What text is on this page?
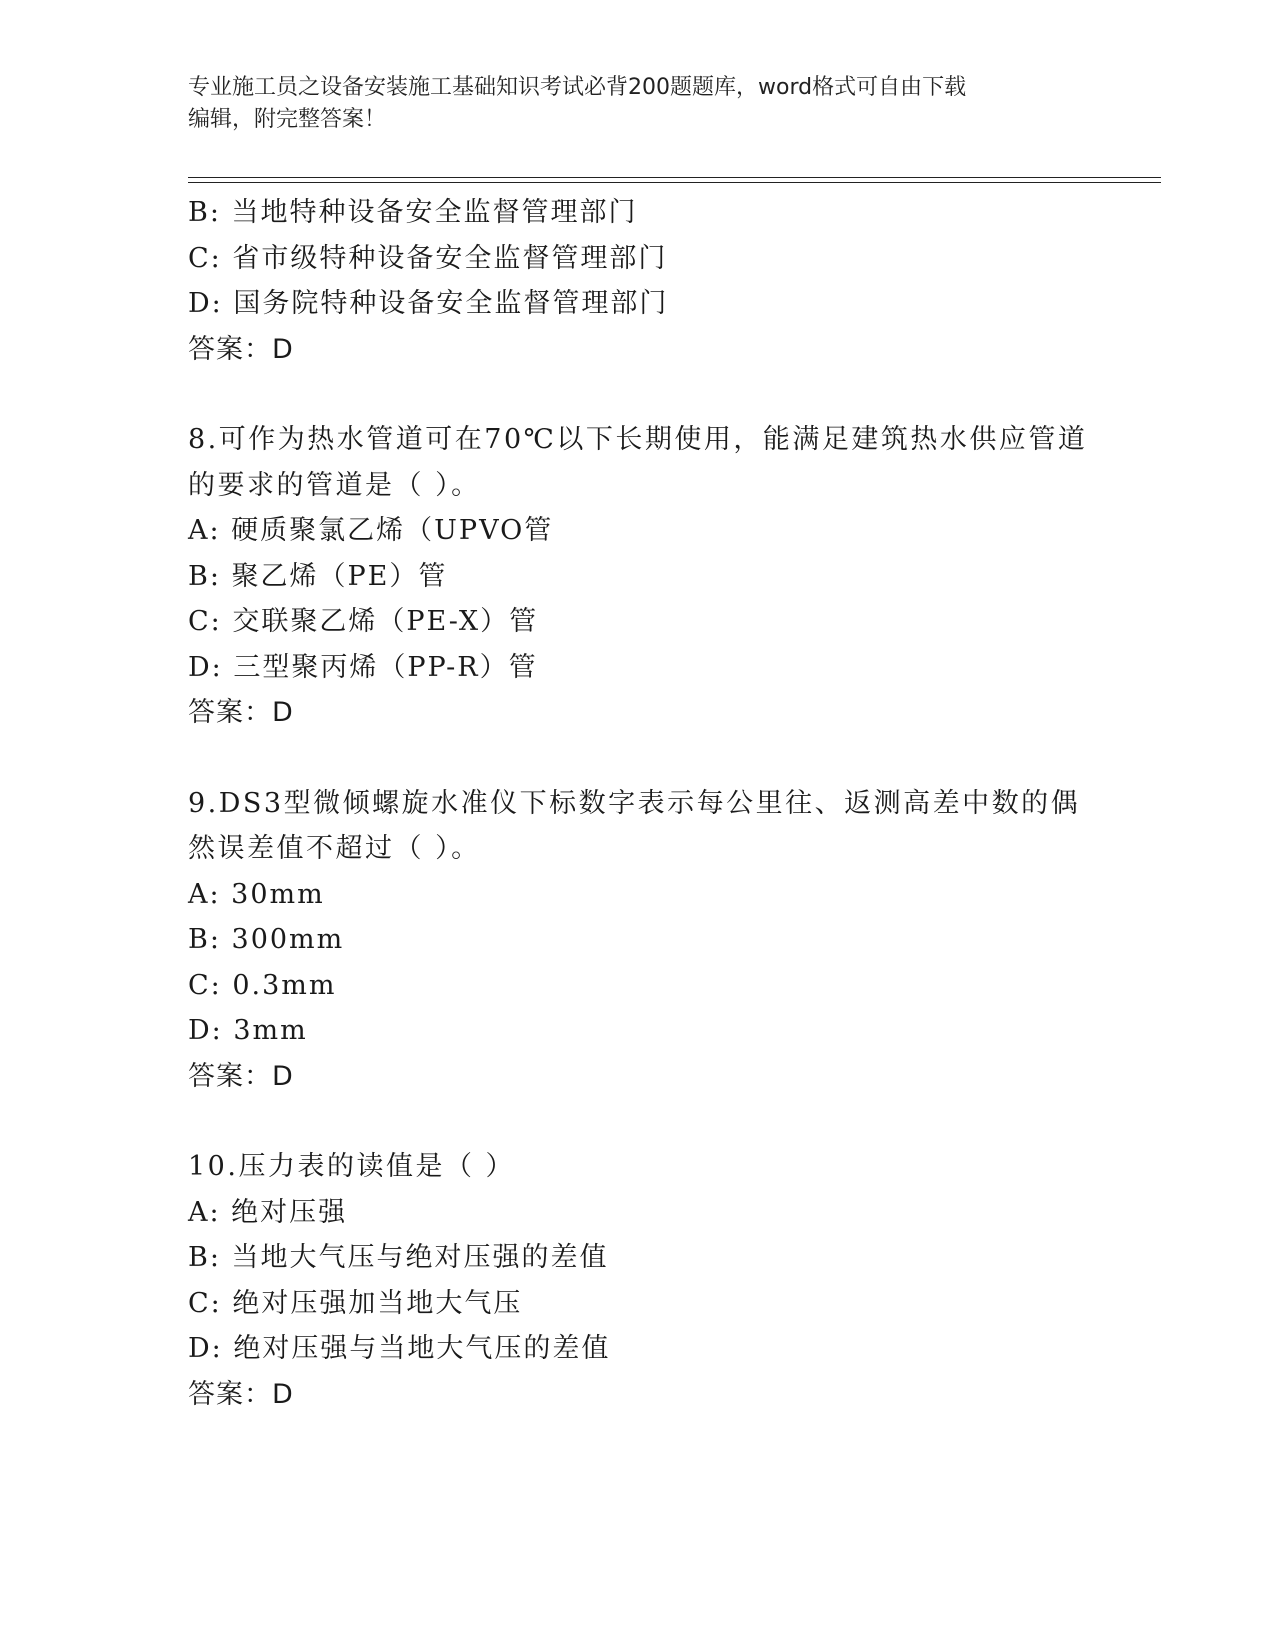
专业施工员之设备安装施工基础知识考试必背200题题库，word格式可自由下载
编辑，附完整答案！
B: 当地特种设备安全监督管理部门
C: 省市级特种设备安全监督管理部门
D: 国务院特种设备安全监督管理部门
答案：D
8.可作为热水管道可在70℃以下长期使用，能满足建筑热水供应管道的要求的管道是（ ）。
A: 硬质聚氯乙烯（UPVO管
B: 聚乙烯（PE）管
C: 交联聚乙烯（PE-X）管
D: 三型聚丙烯（PP-R）管
答案：D
9.DS3型微倾螺旋水准仪下标数字表示每公里往、返测高差中数的偶然误差值不超过（ ）。
A: 30mm
B: 300mm
C: 0.3mm
D: 3mm
答案：D
10.压力表的读值是（ ）
A: 绝对压强
B: 当地大气压与绝对压强的差值
C: 绝对压强加当地大气压
D: 绝对压强与当地大气压的差值
答案：D
